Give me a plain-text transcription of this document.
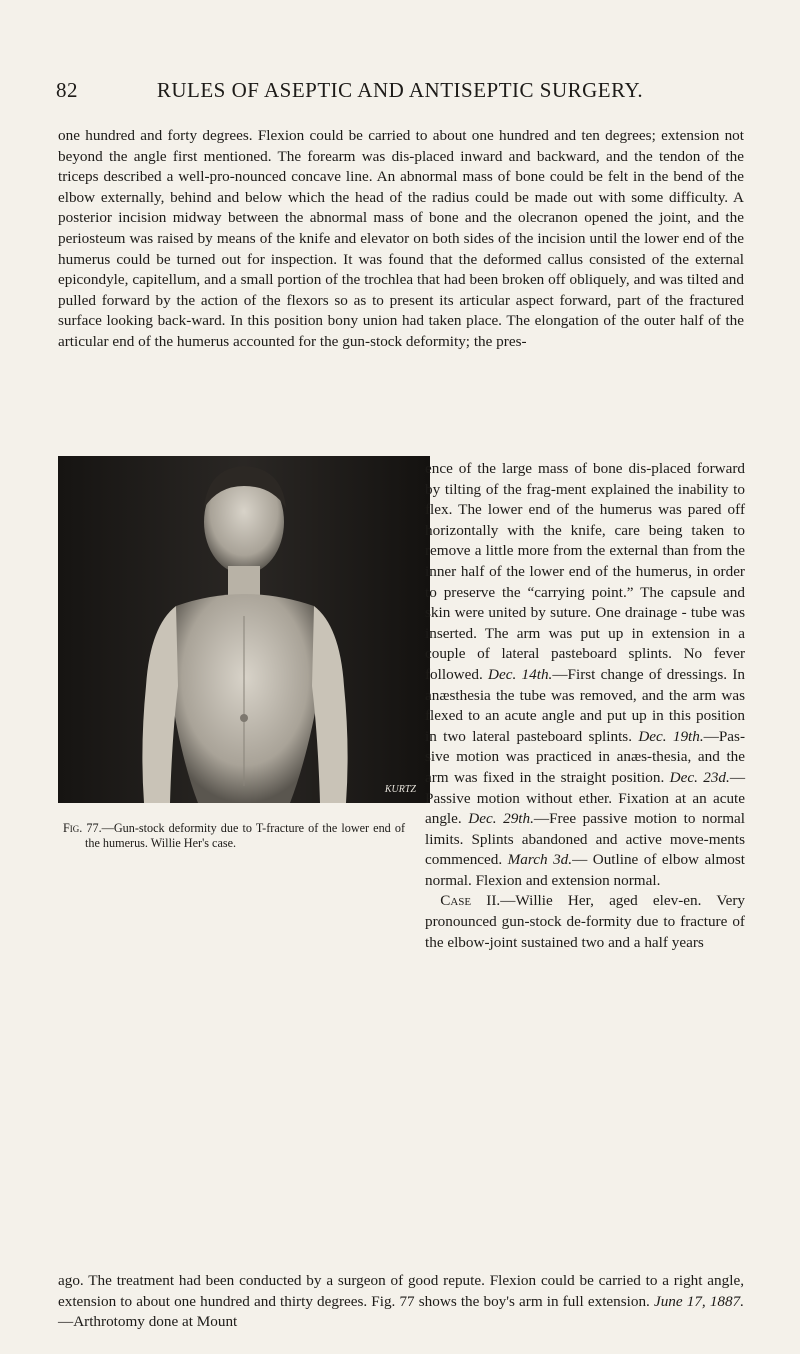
82	RULES OF ASEPTIC AND ANTISEPTIC SURGERY.

one hundred and forty degrees. Flexion could be carried to about one hundred and ten degrees; extension not beyond the angle first mentioned. The forearm was dis-placed inward and backward, and the tendon of the triceps described a well-pro-nounced concave line. An abnormal mass of bone could be felt in the bend of the elbow externally, behind and below which the head of the radius could be made out with some difficulty. A posterior incision midway between the abnormal mass of bone and the olecranon opened the joint, and the periosteum was raised by means of the knife and elevator on both sides of the incision until the lower end of the humerus could be turned out for inspection. It was found that the deformed callus consisted of the external epicondyle, capitellum, and a small portion of the trochlea that had been broken off obliquely, and was tilted and pulled forward by the action of the flexors so as to present its articular aspect forward, part of the fractured surface looking back-ward. In this position bony union had taken place. The elongation of the outer half of the articular end of the humerus accounted for the gun-stock deformity; the pres-

KURTZ

ence of the large mass of bone dis-placed forward by tilting of the frag-ment explained the inability to flex. The lower end of the humerus was pared off horizontally with the knife, care being taken to remove a little more from the external than from the inner half of the lower end of the humerus, in order to preserve the “carrying point.” The capsule and skin were united by suture. One drainage - tube was inserted. The arm was put up in extension in a couple of lateral pasteboard splints. No fever followed. Dec. 14th.—First change of dressings. In anæsthesia the tube was removed, and the arm was flexed to an acute angle and put up in this position in two lateral pasteboard splints. Dec. 19th.—Pas-sive motion was practiced in anæs-thesia, and the arm was fixed in the straight position. Dec. 23d.—Passive motion without ether. Fixation at an acute angle. Dec. 29th.—Free passive motion to normal limits. Splints abandoned and active move-ments commenced. March 3d.— Outline of elbow almost normal. Flexion and extension normal.
 Case II.—Willie Her, aged elev-en. Very pronounced gun-stock de-formity due to fracture of the elbow-joint sustained two and a half years

Fig. 77.—Gun-stock deformity due to T-fracture of the lower end of the humerus. Willie Her's case.

ago. The treatment had been conducted by a surgeon of good repute. Flexion could be carried to a right angle, extension to about one hundred and thirty degrees. Fig. 77 shows the boy's arm in full extension. June 17, 1887.—Arthrotomy done at Mount
